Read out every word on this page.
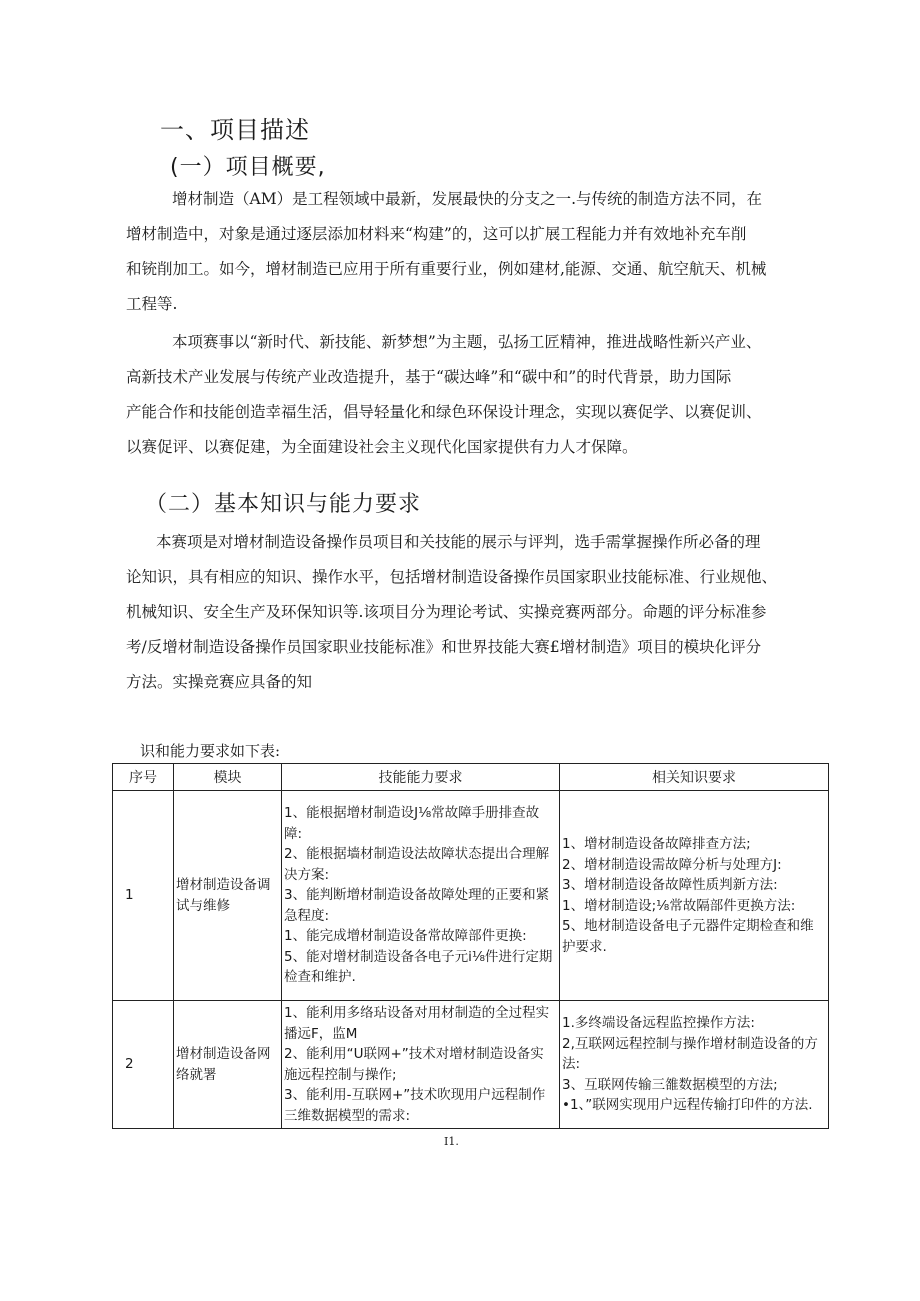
一、项目描述
(一）项目概要,
增材制造（AM）是工程领域中最新，发展最快的分支之一.与传统的制造方法不同，在
增材制造中，对象是通过逐层添加材料来“构建”的，这可以扩展工程能力并有效地补充车削
和铳削加工。如今，增材制造已应用于所有重要行业，例如建材,能源、交通、航空航天、机械
工程等.
本项赛事以“新时代、新技能、新梦想”为主题，弘扬工匠精神，推进战略性新兴产业、
高新技术产业发展与传统产业改造提升，基于“碳达峰”和“碳中和”的时代背景，助力国际
产能合作和技能创造幸福生活，倡导轻量化和绿色环保设计理念，实现以赛促学、以赛促训、
以赛促评、以赛促建，为全面建设社会主义现代化国家提供有力人才保障。
（二）基本知识与能力要求
本赛项是对增材制造设备操作员项目和关技能的展示与评判，选手需掌握操作所必备的理
论知识，具有相应的知识、操作水平，包括增材制造设备操作员国家职业技能标准、行业规他、
机械知识、安全生产及环保知识等.该项目分为理论考试、实操竞赛两部分。命题的评分标准参
考/反增材制造设备操作员国家职业技能标准》和世界技能大赛£增材制造》项目的模块化评分
方法。实操竞赛应具备的知
识和能力要求如下表:
序号	模块	技能能力要求	相关知识要求
1	增材制造设备调试与维修	1、能根据增材制造设J⅛常故障手册排查故障:
2、能根据墙材制造设法故障状态提出合理解决方案:
3、能判断增材制造设备故障处理的正要和紧急程度:
1、能完成增材制造设备常故障部件更换:
5、能对增材制造设备各电子元i⅛件进行定期检查和维护.	1、增材制造设备故障排查方法;
2、增材制造设需故障分析与处理方J:
3、增材制造设备故障性质判新方法:
1、增材制造设;⅛常故隔部件更换方法:
5、地材制造设备电子元器件定期检查和维护要求.

2	增材制造设备网络就署	1、能利用多络玷设备对用材制造的全过程实播远F，监M
2、能利用“U联网+”技术对增材制造设备实施远程控制与操作;
3、能利用-互联网+”技术吹现用户远程制作三维数据模型的需求:	1.多终端设备远程监控操作方法:
2,互联网远程控制与操作增材制造设备的方法:
3、互联网传输三雒数据模型的方法;
•1、”联网实现用户远程传输打印件的方法.
I1.
